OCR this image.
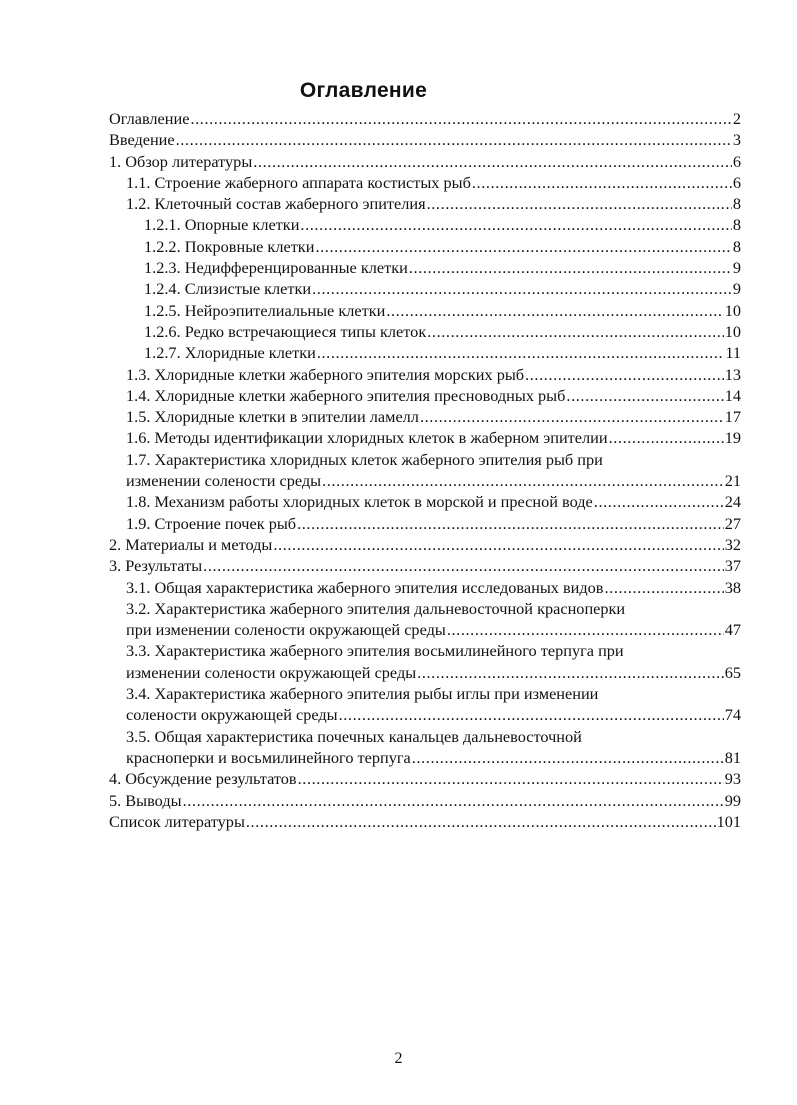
Оглавление
Оглавление .....	2
Введение .....	3
1. Обзор литературы .....	6
1.1. Строение жаберного аппарата костистых рыб .....	6
1.2. Клеточный состав жаберного эпителия .....	8
1.2.1. Опорные клетки .....	8
1.2.2. Покровные клетки .....	8
1.2.3. Недифференцированные клетки .....	9
1.2.4. Слизистые клетки .....	9
1.2.5. Нейроэпителиальные клетки .....	10
1.2.6. Редко встречающиеся типы клеток .....	10
1.2.7. Хлоридные клетки .....	11
1.3. Хлоридные клетки жаберного эпителия морских рыб .....	13
1.4. Хлоридные клетки жаберного эпителия пресноводных рыб .....	14
1.5. Хлоридные клетки в эпителии ламелл .....	17
1.6. Методы идентификации хлоридных клеток в жаберном эпителии .....	19
1.7. Характеристика хлоридных клеток жаберного эпителия рыб при
изменении солености среды .....	21
1.8. Механизм работы хлоридных клеток в морской и пресной воде .....	24
1.9. Строение почек рыб .....	27
2. Материалы и методы .....	32
3. Результаты .....	37
3.1. Общая характеристика жаберного эпителия исследованых видов .....	38
3.2. Характеристика жаберного эпителия дальневосточной красноперки
при изменении солености окружающей среды .....	47
3.3. Характеристика жаберного эпителия восьмилинейного терпуга при
изменении солености окружающей среды .....	65
3.4. Характеристика жаберного эпителия рыбы иглы при изменении
солености окружающей среды .....	74
3.5. Общая характеристика почечных канальцев дальневосточной
красноперки и восьмилинейного терпуга .....	81
4. Обсуждение результатов .....	93
5. Выводы .....	99
Список литературы .....	101
2
